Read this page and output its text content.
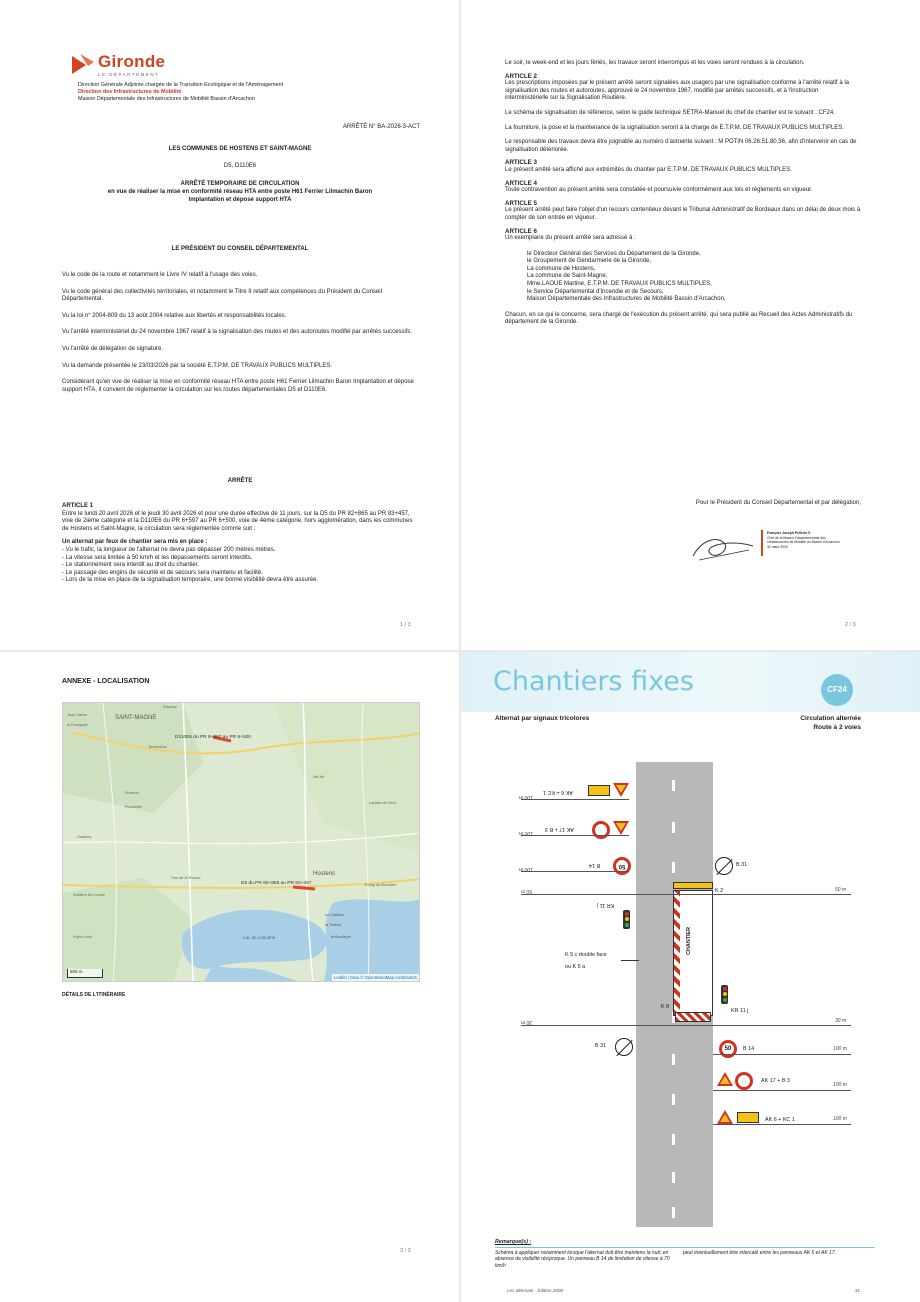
Gironde
LE DÉPARTEMENT
Direction Générale Adjointe chargée de la Transition Ecologique et de l'Aménagement
Direction des Infrastructures de Mobilité
Maison Départementale des Infrastructures de Mobilité Bassin d'Arcachon
ARRÊTÉ N° BA-2026-3-ACT
LES COMMUNES DE HOSTENS ET SAINT-MAGNE
D5, D110E6
ARRÊTÉ TEMPORAIRE DE CIRCULATION
en vue de réaliser la mise en conformité réseau HTA entre poste H61 Ferrier Lilmachin Baron Implantation et dépose support HTA
LE PRÉSIDENT DU CONSEIL DÉPARTEMENTAL

Vu le code de la route et notamment le Livre IV relatif à l'usage des voies.

Vu le code général des collectivités territoriales, et notamment le Titre II relatif aux compétences du Président du Conseil Départemental.

Vu la loi n° 2004-809 du 13 août 2004 relative aux libertés et responsabilités locales.

Vu l'arrêté interministériel du 24 novembre 1967 relatif à la signalisation des routes et des autoroutes modifié par arrêtés successifs.

Vu l'arrêté de délégation de signature.

Vu la demande présentée le 23/03/2026 par la société E.T.P.M. DE TRAVAUX PUBLICS MULTIPLES.

Considérant qu'en vue de réaliser la mise en conformité réseau HTA entre poste H61 Ferrier Lilmachin Baron Implantation et dépose support HTA, il convient de réglementer la circulation sur les routes départementales D5 et D110E6.

ARRÊTE
ARTICLE 1

Entre le lundi 20 avril 2026 et le jeudi 30 avril 2026 et pour une durée effective de 11 jours, sur la D5 du PR 82+865 au PR 83+457, voie de 2ième catégorie et la D110E6 du PR 6+597 au PR 6+500, voie de 4ème catégorie, hors agglomération, dans les communes de Hostens et Saint-Magne, la circulation sera réglementée comme suit :

Un alternat par feux de chantier sera mis en place :
- Vu le trafic, la longueur de l'alternat ne devra pas dépasser 200 mètres mètres.
- La vitesse sera limitée à 50 km/h et les dépassements seront interdits.
- Le stationnement sera interdit au droit du chantier.
- Le passage des engins de sécurité et de secours sera maintenu et facilité.
- Lors de la mise en place de la signalisation temporaire, une bonne visibilité devra être assurée.
1 / 3

Le soir, le week-end et les jours fériés, les travaux seront interrompus et les voies seront rendues à la circulation.

ARTICLE 2

Les prescriptions imposées par le présent arrêté seront signalées aux usagers par une signalisation conforme à l'arrêté relatif à la signalisation des routes et autoroutes, approuvé le 24 novembre 1967, modifié par arrêtés successifs, et à l'instruction interministérielle sur la Signalisation Routière.

Le schéma de signalisation de référence, selon le guide technique SETRA-Manuel du chef de chantier est le suivant : CF24.

La fourniture, la pose et la maintenance de la signalisation seront à la charge de E.T.P.M. DE TRAVAUX PUBLICS MULTIPLES.

Le responsable des travaux devra être joignable au numéro d'astreinte suivant : M POTIN 06.26.51.80.36, afin d'intervenir en cas de signalisation détériorée.

ARTICLE 3

Le présent arrêté sera affiché aux extrémités du chantier par E.T.P.M. DE TRAVAUX PUBLICS MULTIPLES.

ARTICLE 4

Toute contravention au présent arrêté sera constatée et poursuivie conformément aux lois et règlements en vigueur.

ARTICLE 5

Le présent arrêté peut faire l'objet d'un recours contentieux devant le Tribunal Administratif de Bordeaux dans un délai de deux mois à compter de son entrée en vigueur.

ARTICLE 6

Un exemplaire du présent arrêté sera adressé à :

le Directeur Général des Services du Département de la Gironde,
le Groupement de Gendarmerie de la Gironde,
La commune de Hostens,
La commune de Saint-Magne,
Mme.LAOUE Martine, E.T.P.M. DE TRAVAUX PUBLICS MULTIPLES,
le Service Départemental d'Incendie et de Secours,
Maison Départementale des Infrastructures de Mobilité Bassin d'Arcachon,

Chacun, en ce qui le concerne, sera chargé de l'exécution du présent arrêté, qui sera publié au Recueil des Actes Administratifs du département de la Gironde.

Pour le Président du Conseil Départemental et par délégation,
François Joseph Pellerin S
Chef de la Maison Départementale des
Infrastructures de Mobilité du Bassin d'Arcachon
30 mars 2026
2 / 3
ANNEXE - LOCALISATION
SAINT-MAGNE
Hostens
D110E6 du PR 6+597 au PR 6+500
D5 du PR 82+865 au PR 83+457
Jean Hache
la Dourgade
Papoley
Bravenilus
Suberon
Gauthey
Puxadette
Bel-Air
Landes du Vech
Pas de la Roube
Lac de Lamothe
Etang du Bourdieu
Le Castéra
la Tuilerie
le Boudeyre
Pujou Haut
Sablière de Lombe
500 m
Leaflet | Data © OpenStreetMap contributors
DÉTAILS DE L'ITINÉRAIRE
3 / 3
Chantiers fixes	CF24
Alternat par signaux tricolores	Circulation alternée
Route à 2 voies
CHANTIER
AK 6 + KC 1
AK 17 + B 3
50
B 14	B 31
K 2
KR 11 j
K 5 c double face
ou K 5 a
K 8
KR 11 j
B 31	50	B 14
AK 17 + B 3
AK 6 + KC 1
100 m
100 m
100 m
50 m	50 m
30 m	30 m
100 m
100 m
100 m
Remarque(s) :
Schéma à appliquer notamment lorsque l'alternat doit être maintenu la nuit, en absence de visibilité réciproque. Un panneau B 14 de limitation de vitesse à 70 km/h
peut éventuellement être intercalé entre les panneaux AK 5 et AK 17.
Les alternats · Édition 2000	31
